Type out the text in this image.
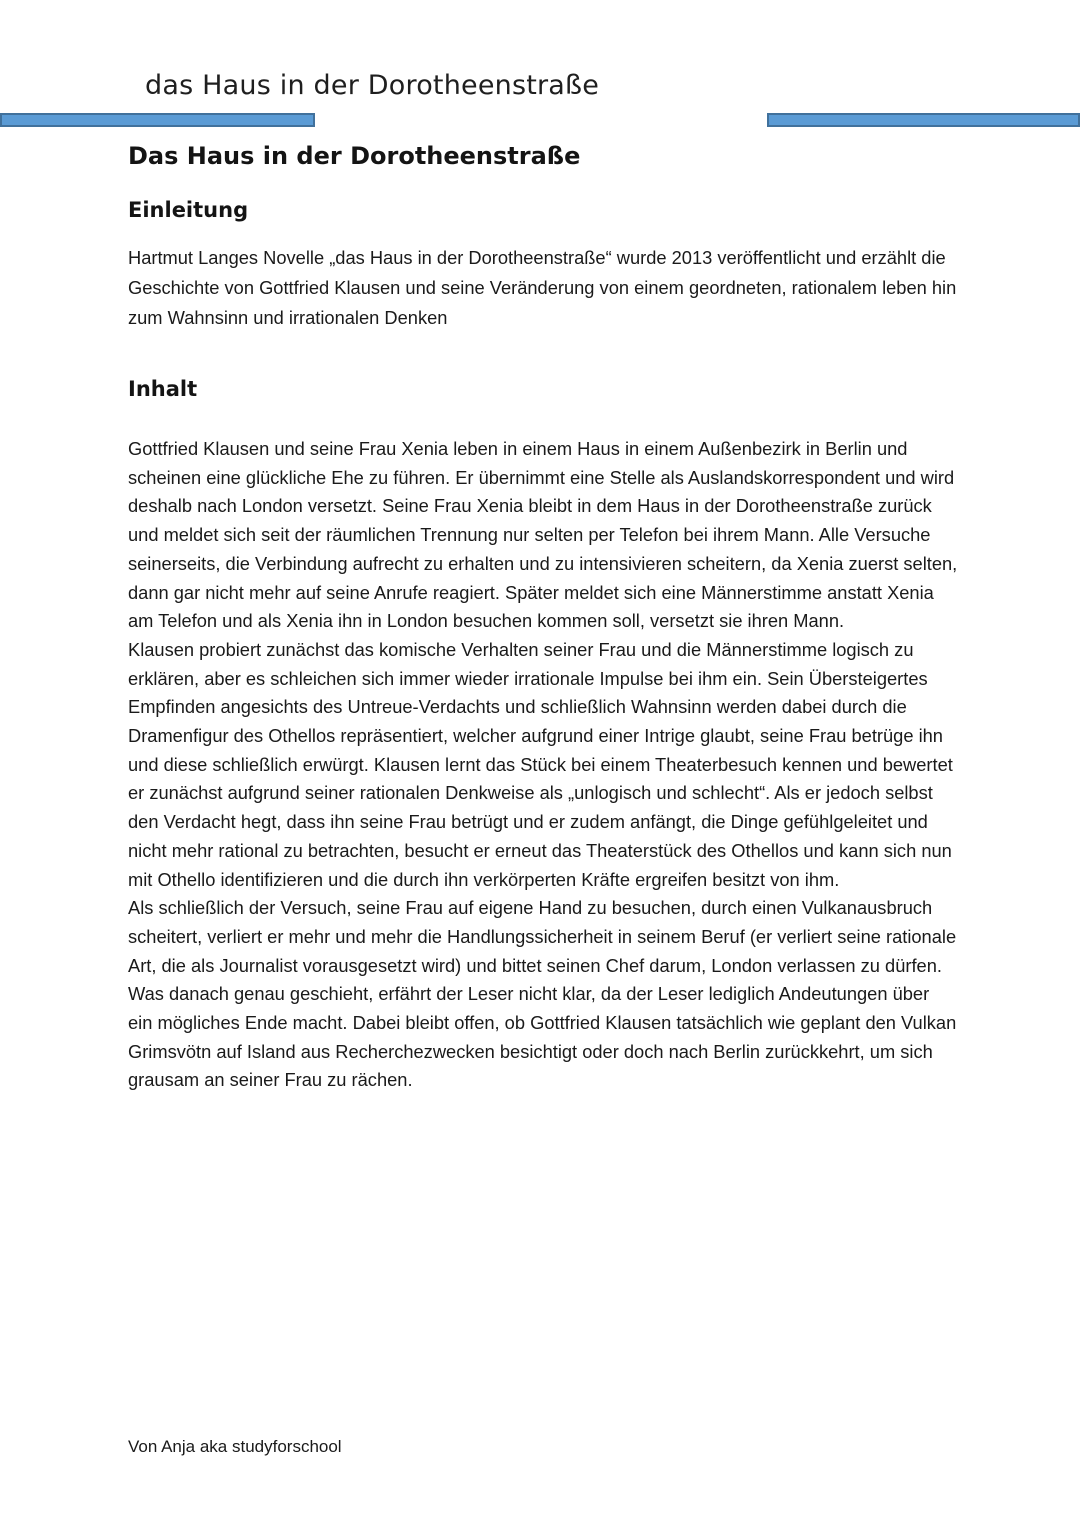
das Haus in der Dorotheenstraße
Das Haus in der Dorotheenstraße
Einleitung

Hartmut Langes Novelle „das Haus in der Dorotheenstraße“ wurde 2013 veröffentlicht und erzählt die Geschichte von Gottfried Klausen und seine Veränderung von einem geordneten, rationalem leben hin zum Wahnsinn und irrationalen Denken

Inhalt

Gottfried Klausen und seine Frau Xenia leben in einem Haus in einem Außenbezirk in Berlin und scheinen eine glückliche Ehe zu führen. Er übernimmt eine Stelle als Auslandskorrespondent und wird deshalb nach London versetzt. Seine Frau Xenia bleibt in dem Haus in der Dorotheenstraße zurück und meldet sich seit der räumlichen Trennung nur selten per Telefon bei ihrem Mann. Alle Versuche seinerseits, die Verbindung aufrecht zu erhalten und zu intensivieren scheitern, da Xenia zuerst selten, dann gar nicht mehr auf seine Anrufe reagiert. Später meldet sich eine Männerstimme anstatt Xenia am Telefon und als Xenia ihn in London besuchen kommen soll, versetzt sie ihren Mann.

Klausen probiert zunächst das komische Verhalten seiner Frau und die Männerstimme logisch zu erklären, aber es schleichen sich immer wieder irrationale Impulse bei ihm ein. Sein Übersteigertes Empfinden angesichts des Untreue-Verdachts und schließlich Wahnsinn werden dabei durch die Dramenfigur des Othellos repräsentiert, welcher aufgrund einer Intrige glaubt, seine Frau betrüge ihn und diese schließlich erwürgt. Klausen lernt das Stück bei einem Theaterbesuch kennen und bewertet er zunächst aufgrund seiner rationalen Denkweise als „unlogisch und schlecht“. Als er jedoch selbst den Verdacht hegt, dass ihn seine Frau betrügt und er zudem anfängt, die Dinge gefühlgeleitet und nicht mehr rational zu betrachten, besucht er erneut das Theaterstück des Othellos und kann sich nun mit Othello identifizieren und die durch ihn verkörperten Kräfte ergreifen besitzt von ihm.

Als schließlich der Versuch, seine Frau auf eigene Hand zu besuchen, durch einen Vulkanausbruch scheitert, verliert er mehr und mehr die Handlungssicherheit in seinem Beruf (er verliert seine rationale Art, die als Journalist vorausgesetzt wird) und bittet seinen Chef darum, London verlassen zu dürfen. Was danach genau geschieht, erfährt der Leser nicht klar, da der Leser lediglich Andeutungen über ein mögliches Ende macht. Dabei bleibt offen, ob Gottfried Klausen tatsächlich wie geplant den Vulkan Grimsvötn auf Island aus Recherchezwecken besichtigt oder doch nach Berlin zurückkehrt, um sich grausam an seiner Frau zu rächen.

Von Anja aka studyforschool
